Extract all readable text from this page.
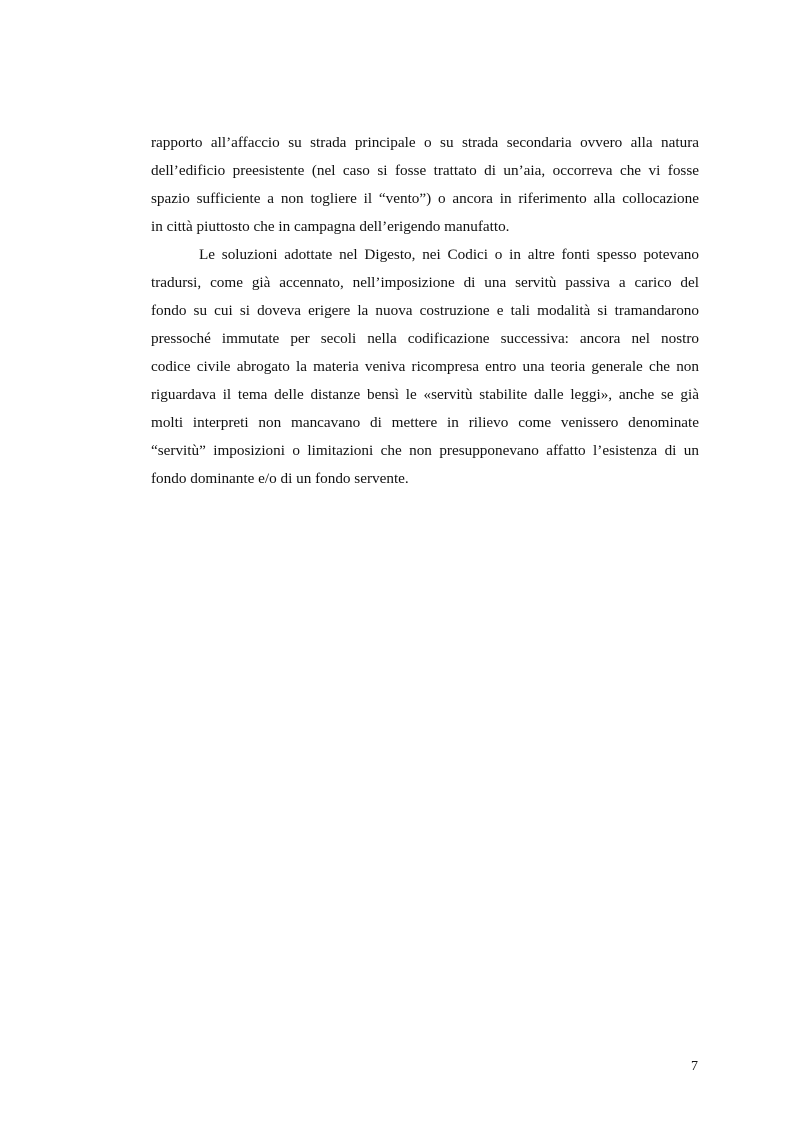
rapporto all’affaccio su strada principale o su strada secondaria ovvero alla natura
dell’edificio preesistente (nel caso si fosse trattato di un’aia, occorreva che vi fosse
spazio sufficiente a non togliere il “vento”) o ancora in riferimento alla collocazione
in città piuttosto che in campagna dell’erigendo manufatto.
Le soluzioni adottate nel Digesto, nei Codici o in altre fonti spesso potevano
tradursi, come già accennato, nell’imposizione di una servitù passiva a carico del
fondo su cui si doveva erigere la nuova costruzione e tali modalità si tramandarono
pressoché immutate per secoli nella codificazione successiva: ancora nel nostro
codice civile abrogato la materia veniva ricompresa entro una teoria generale che non
riguardava il tema delle distanze bensì le «servitù stabilite dalle leggi», anche se già
molti interpreti non mancavano di mettere in rilievo come venissero denominate
“servitù” imposizioni o limitazioni che non presupponevano affatto l’esistenza di un
fondo dominante e/o di un fondo servente.
7
